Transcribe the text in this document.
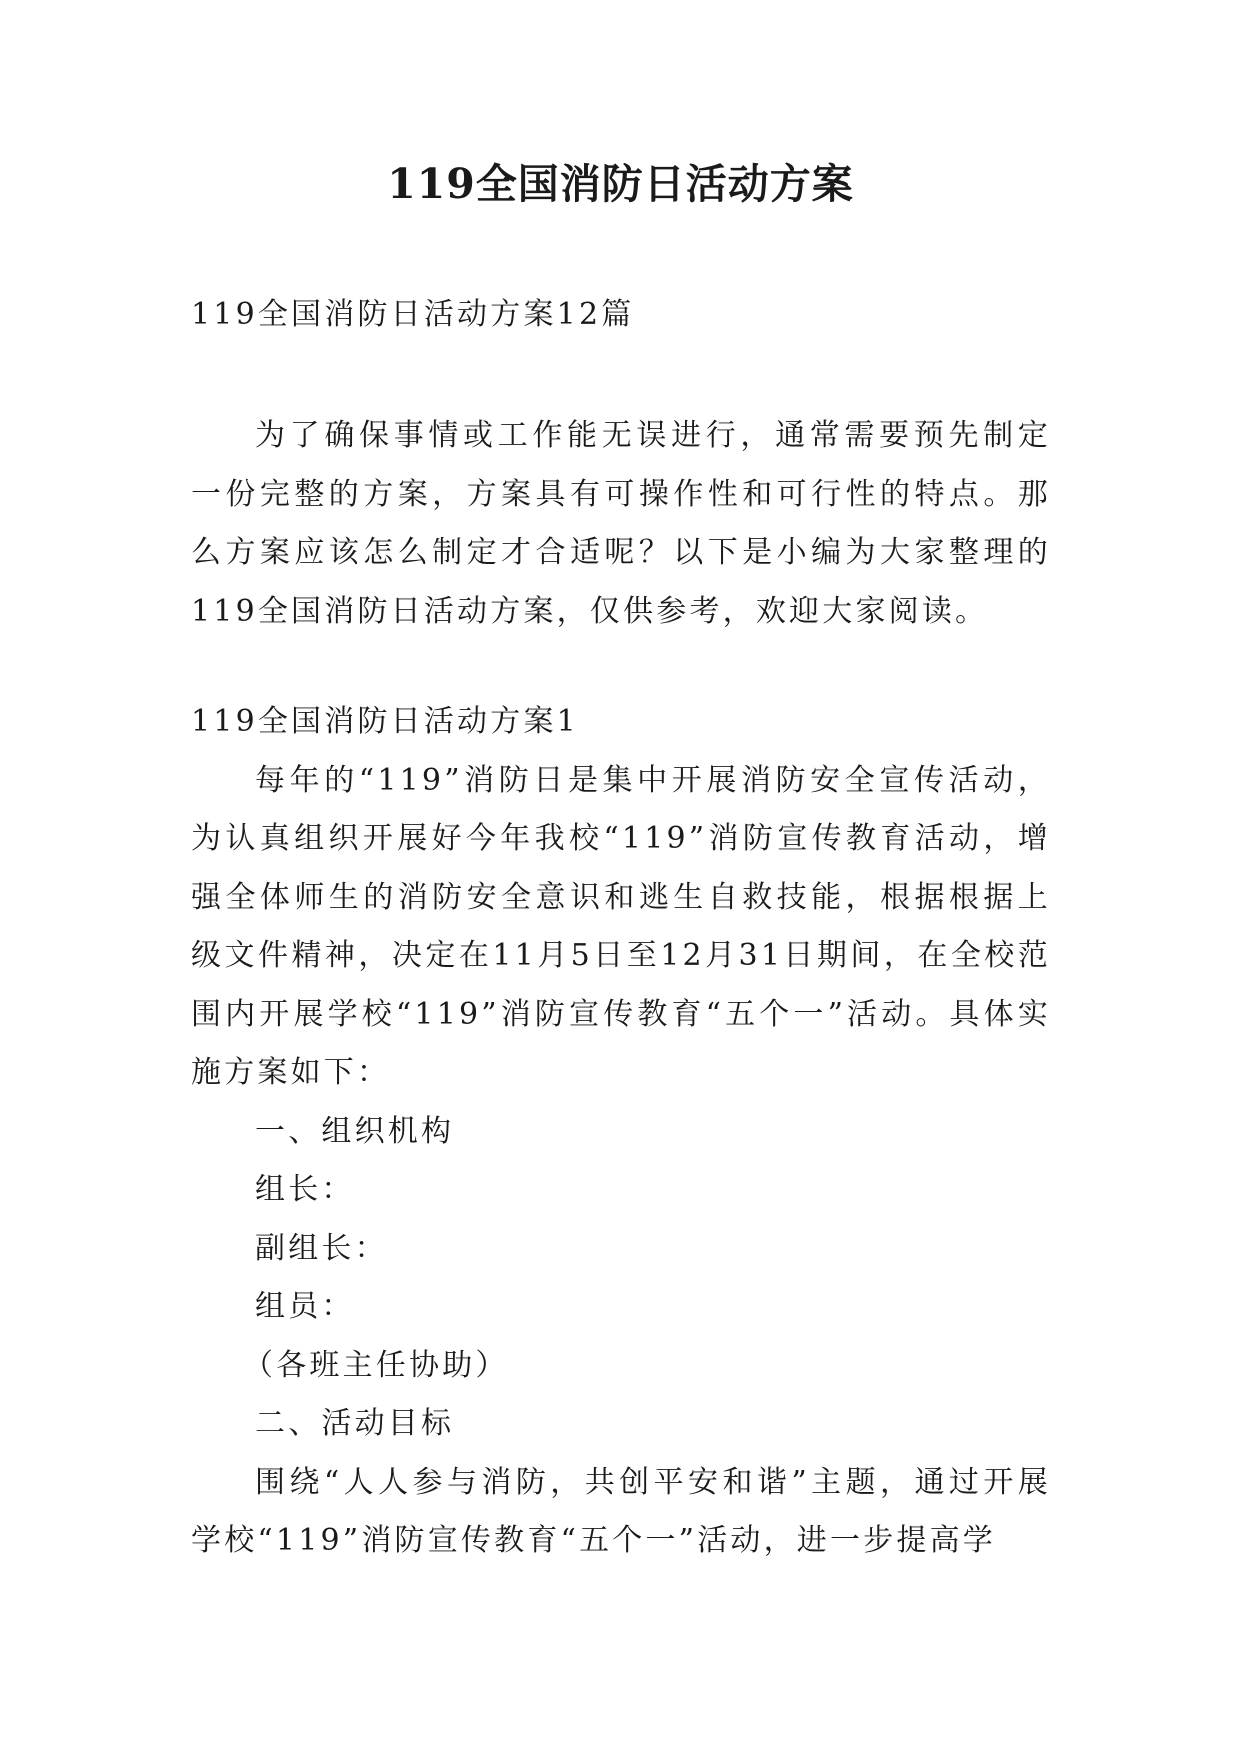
119全国消防日活动方案

119全国消防日活动方案12篇

为了确保事情或工作能无误进行，通常需要预先制定一份完整的方案，方案具有可操作性和可行性的特点。那么方案应该怎么制定才合适呢？以下是小编为大家整理的119全国消防日活动方案，仅供参考，欢迎大家阅读。

119全国消防日活动方案1

每年的“119”消防日是集中开展消防安全宣传活动，为认真组织开展好今年我校“119”消防宣传教育活动，增强全体师生的消防安全意识和逃生自救技能，根据根据上级文件精神，决定在11月5日至12月31日期间，在全校范围内开展学校“119”消防宣传教育“五个一”活动。具体实施方案如下：

一、组织机构

组长：

副组长：

组员：

（各班主任协助）

二、活动目标

围绕“人人参与消防，共创平安和谐”主题，通过开展学校“119”消防宣传教育“五个一”活动，进一步提高学
